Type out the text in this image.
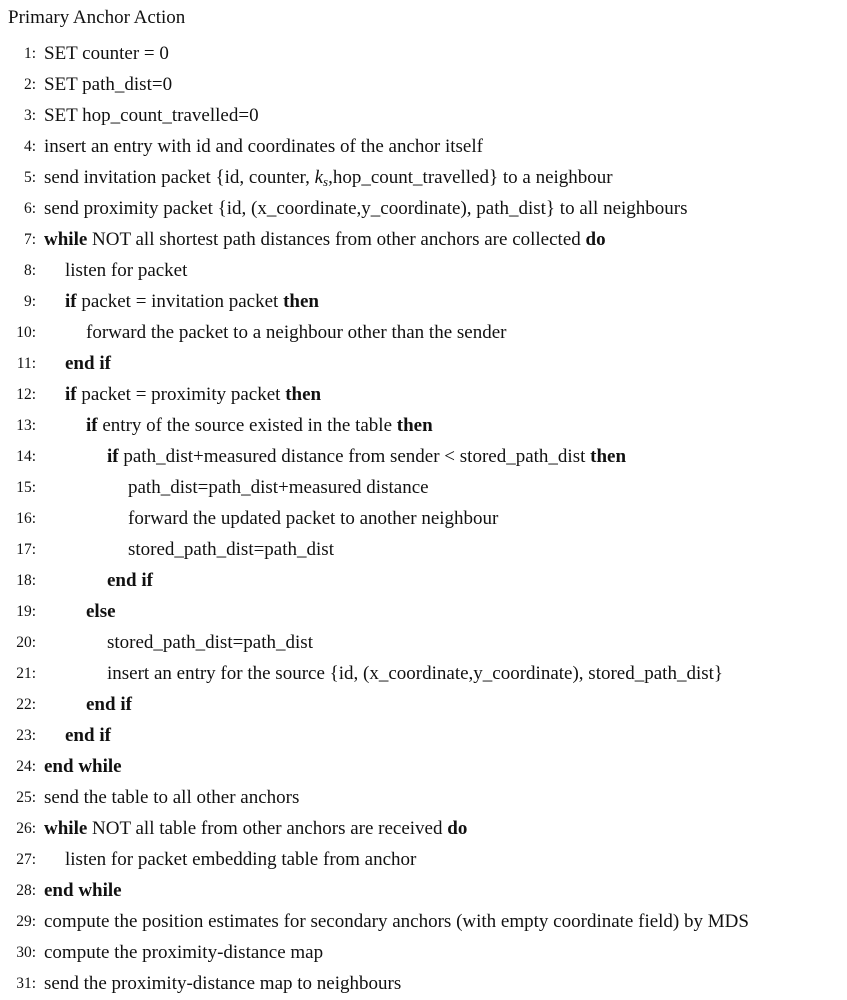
Primary Anchor Action
1: SET counter = 0
2: SET path_dist=0
3: SET hop_count_travelled=0
4: insert an entry with id and coordinates of the anchor itself
5: send invitation packet {id, counter, $k_s,hop\_count\_travelled$} to a neighbour
6: send proximity packet {id, (x_coordinate,y_coordinate), path_dist} to all neighbours
7: while NOT all shortest path distances from other anchors are collected do
8: listen for packet
9: if packet = invitation packet then
10:	forward the packet to a neighbour other than the sender
11: end if
12: if packet = proximity packet then
13:	if entry of the source existed in the table then
14:	if path_dist+measured distance from sender < stored_path_dist then
15:	path_dist=path_dist+measured distance
16:	forward the updated packet to another neighbour
17:	stored_path_dist=path_dist
18:	end if
19:	else
20:	stored_path_dist=path_dist
21:	insert an entry for the source {id, (x_coordinate,y_coordinate), stored_path_dist}
22:	end if
23: end if
24: end while
25: send the table to all other anchors
26: while NOT all table from other anchors are received do
27: listen for packet embedding table from anchor
28: end while
29: compute the position estimates for secondary anchors (with empty coordinate field) by MDS
30: compute the proximity-distance map
31: send the proximity-distance map to neighbours
